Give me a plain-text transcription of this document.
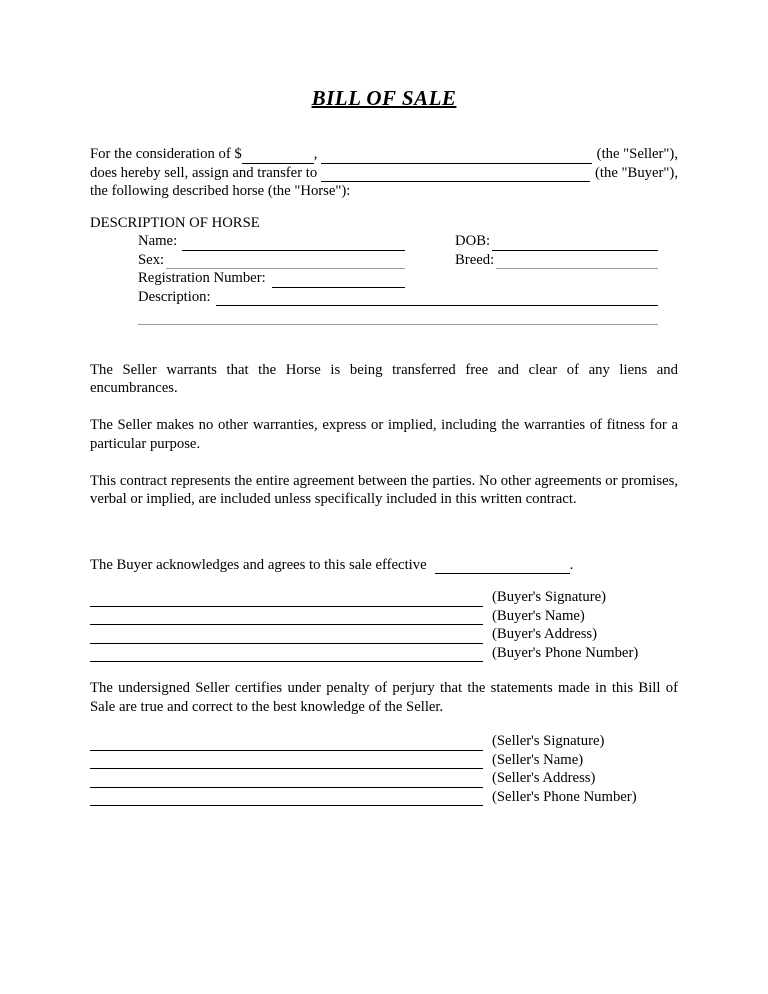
BILL OF SALE
For the consideration of $	,	(the "Seller"),
does hereby sell, assign and transfer to	(the "Buyer"),
the following described horse (the "Horse"):
DESCRIPTION OF HORSE
Name:	DOB:
Sex:	Breed:
Registration Number:
Description:

The Seller warrants that the Horse is being transferred free and clear of any liens and encumbrances.

The Seller makes no other warranties, express or implied, including the warranties of fitness for a particular purpose.

This contract represents the entire agreement between the parties. No other agreements or promises, verbal or implied, are included unless specifically included in this written contract.

The Buyer acknowledges and agrees to this sale effective	.
(Buyer's Signature)
(Buyer's Name)
(Buyer's Address)
(Buyer's Phone Number)

The undersigned Seller certifies under penalty of perjury that the statements made in this Bill of Sale are true and correct to the best knowledge of the Seller.

(Seller's Signature)
(Seller's Name)
(Seller's Address)
(Seller's Phone Number)
